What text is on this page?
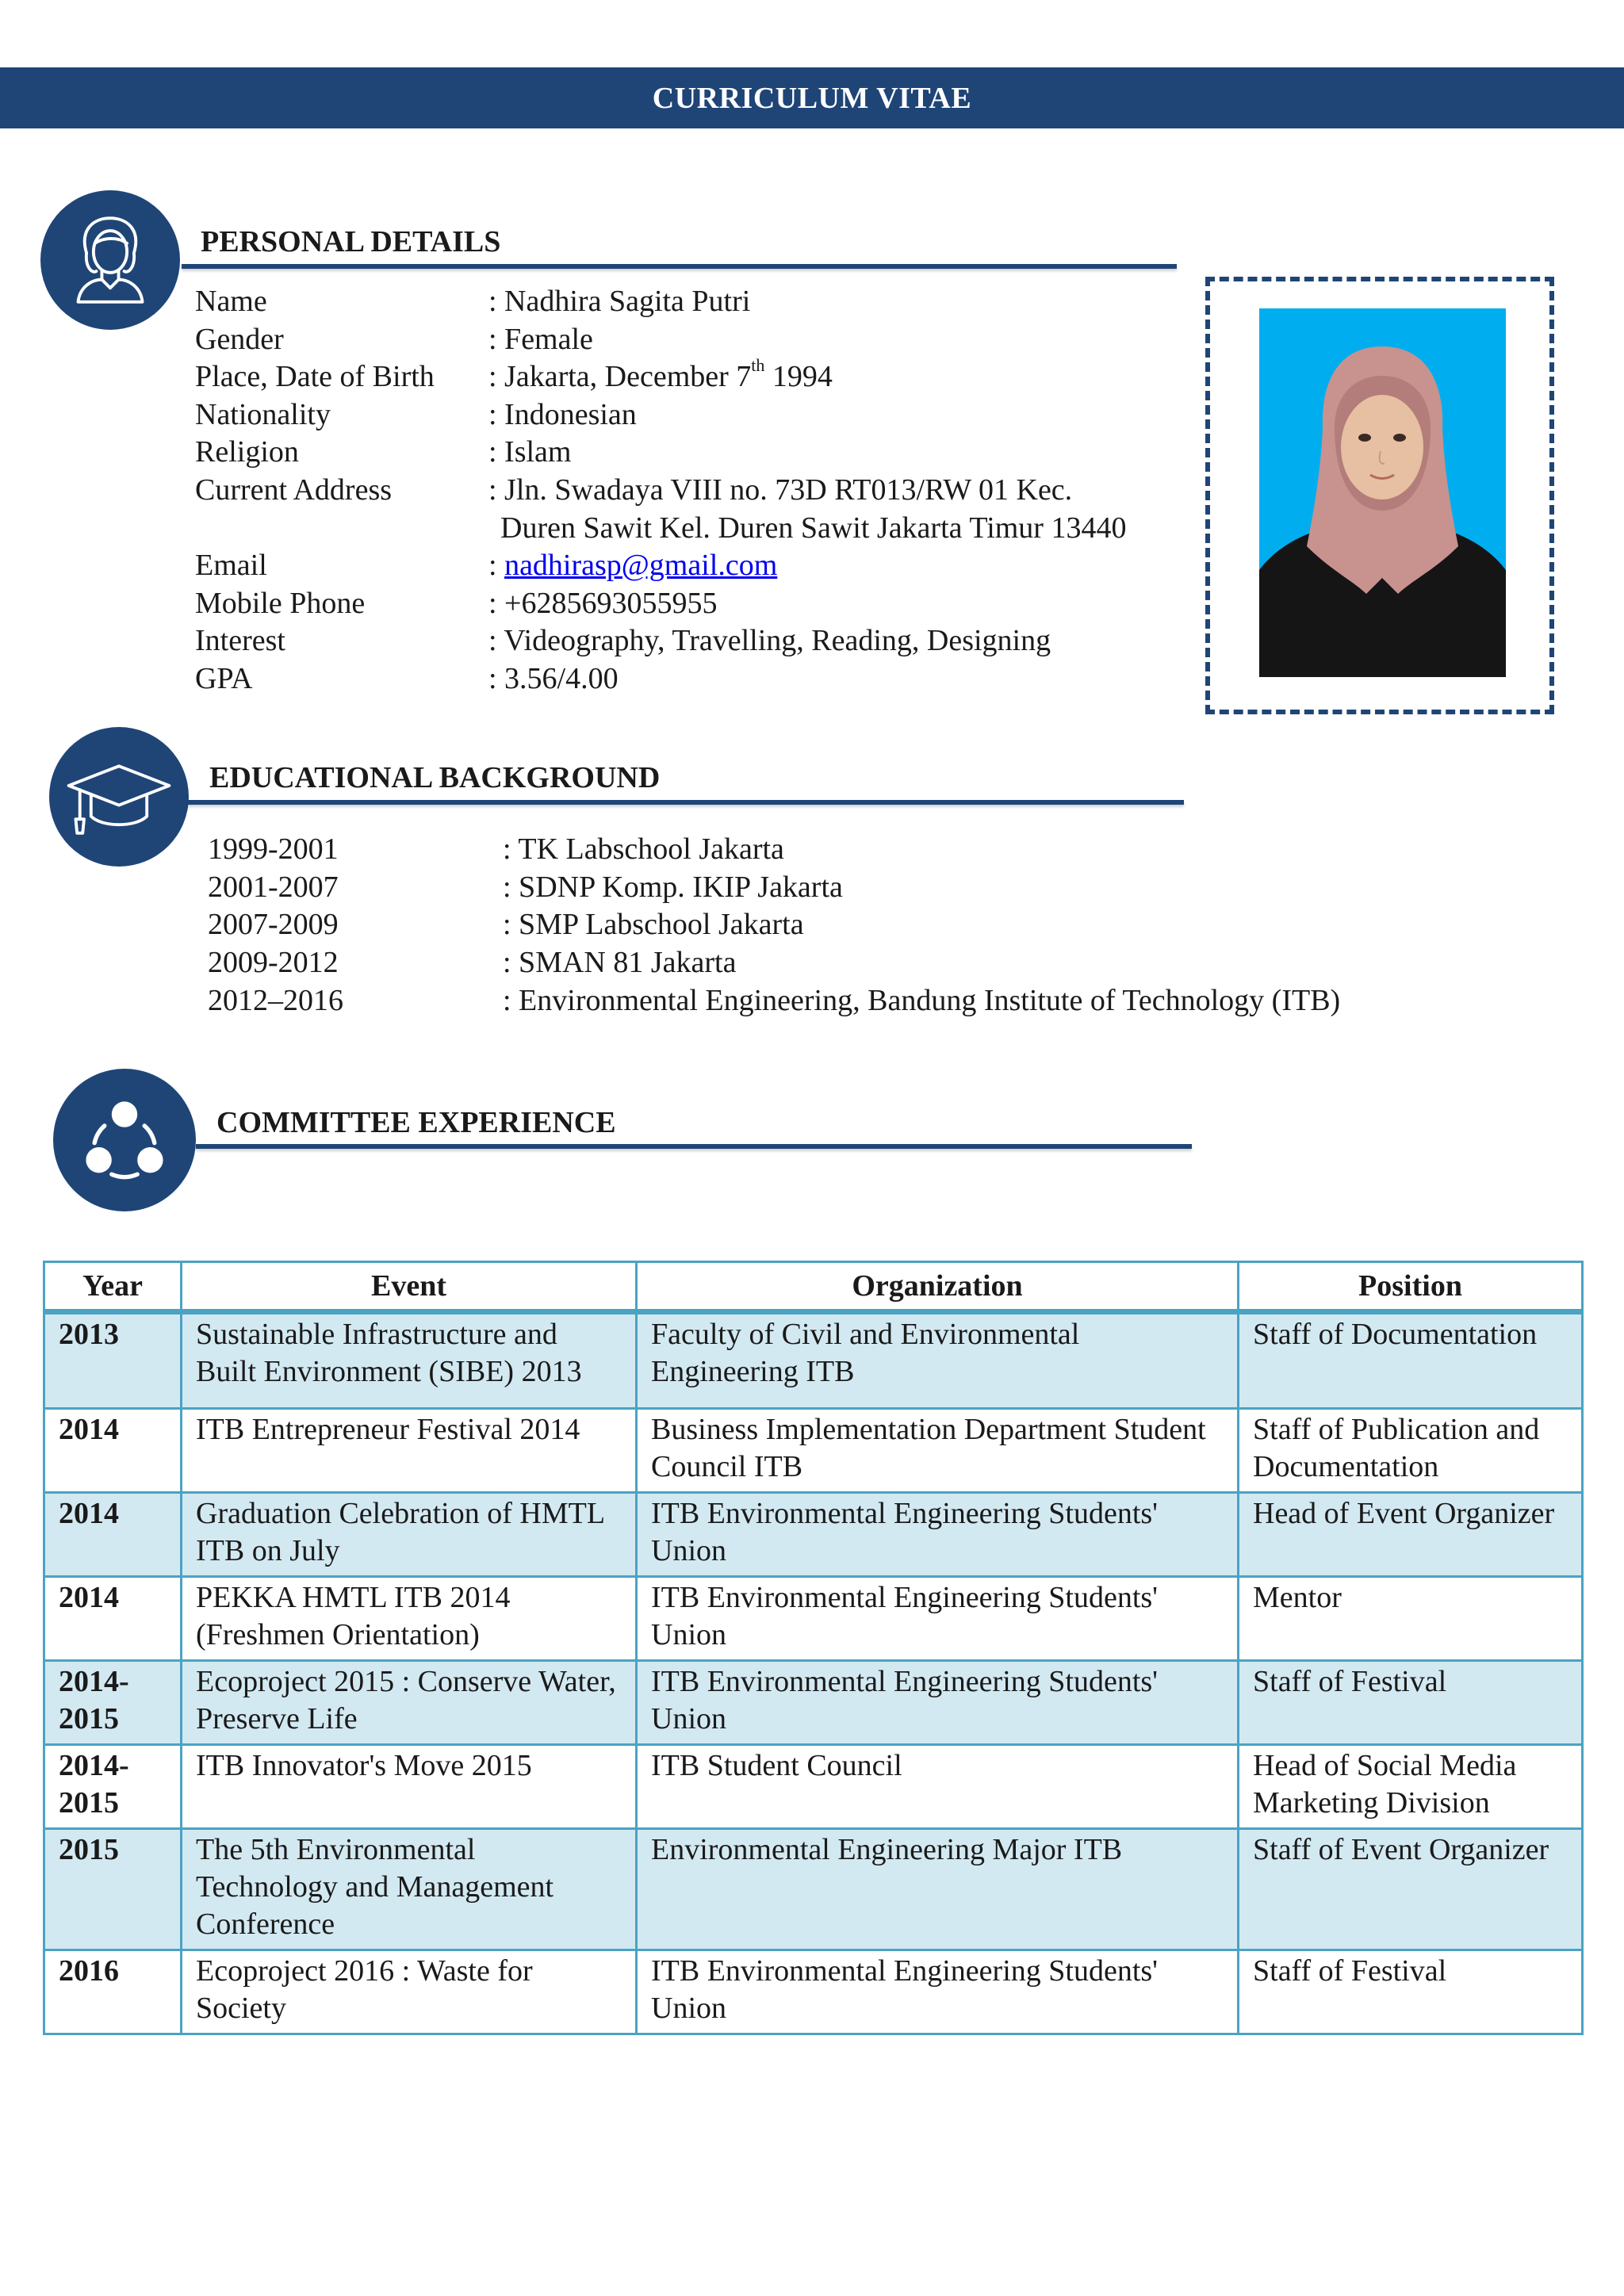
CURRICULUM VITAE
PERSONAL DETAILS
Name	: Nadhira Sagita Putri
Gender	: Female
Place, Date of Birth : Jakarta, December 7th 1994
Nationality	: Indonesian
Religion	: Islam
Current Address	: Jln. Swadaya VIII no. 73D RT013/RW 01 Kec.
Duren Sawit Kel. Duren Sawit Jakarta Timur 13440
Email	: nadhirasp@gmail.com
Mobile Phone	: +6285693055955
Interest	: Videography, Travelling, Reading, Designing
GPA	: 3.56/4.00
EDUCATIONAL BACKGROUND
1999-2001	: TK Labschool Jakarta
2001-2007	: SDNP Komp. IKIP Jakarta
2007-2009	: SMP Labschool Jakarta
2009-2012	: SMAN 81 Jakarta
2012–2016	: Environmental Engineering, Bandung Institute of Technology (ITB)
COMMITTEE EXPERIENCE
Year	Event	Organization	Position
2013	Sustainable Infrastructure and Built Environment (SIBE) 2013	Faculty of Civil and Environmental Engineering ITB	Staff of Documentation
2014	ITB Entrepreneur Festival 2014	Business Implementation Department Student Council ITB	Staff of Publication and Documentation
2014	Graduation Celebration of HMTL ITB on July	ITB Environmental Engineering Students' Union	Head of Event Organizer
2014	PEKKA HMTL ITB 2014 (Freshmen Orientation)	ITB Environmental Engineering Students' Union	Mentor
2014-2015	Ecoproject 2015 : Conserve Water, Preserve Life	ITB Environmental Engineering Students' Union	Staff of Festival
2014-2015	ITB Innovator's Move 2015	ITB Student Council	Head of Social Media Marketing Division
2015	The 5th Environmental Technology and Management Conference	Environmental Engineering Major ITB	Staff of Event Organizer
2016	Ecoproject 2016 : Waste for Society	ITB Environmental Engineering Students' Union	Staff of Festival
